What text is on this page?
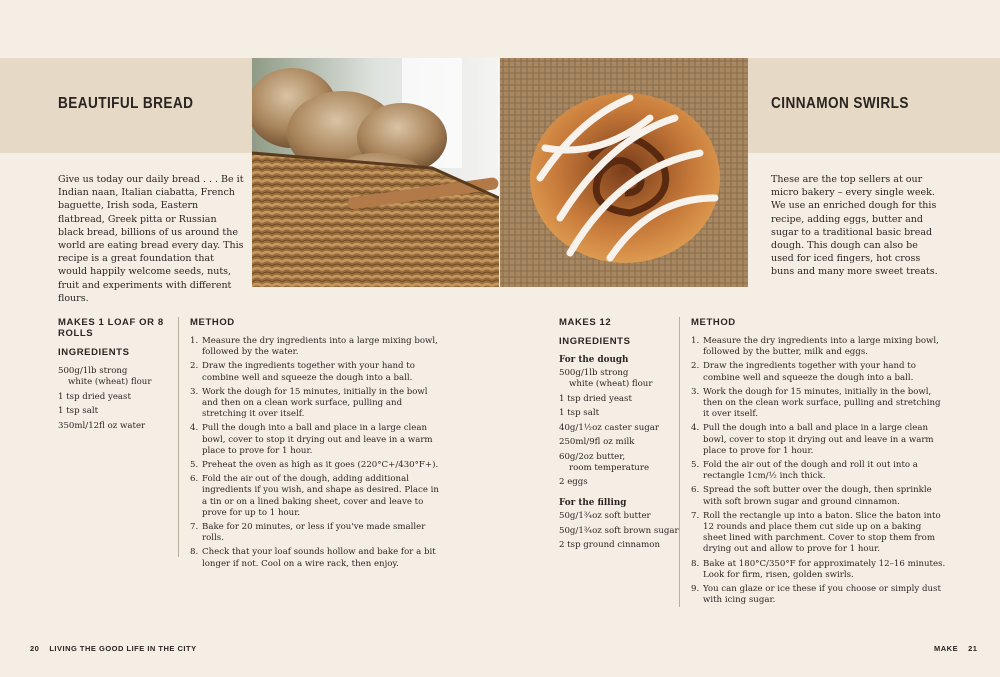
BEAUTIFUL BREAD	CINNAMON SWIRLS

Give us today our daily bread . . . Be it Indian naan, Italian ciabatta, French baguette, Irish soda, Eastern flatbread, Greek pitta or Russian black bread, billions of us around the world are eating bread every day. This recipe is a great foundation that would happily welcome seeds, nuts, fruit and experiments with different flours.

These are the top sellers at our micro bakery – every single week. We use an enriched dough for this recipe, adding eggs, butter and sugar to a traditional basic bread dough. This dough can also be used for iced fingers, hot cross buns and many more sweet treats.

MAKES 1 LOAF OR 8 ROLLS
INGREDIENTS
500g/1lb strong
white (wheat) flour
1 tsp dried yeast
1 tsp salt
350ml/12fl oz water
METHOD
1. Measure the dry ingredients into a large mixing bowl, followed by the water.
2. Draw the ingredients together with your hand to combine well and squeeze the dough into a ball.
3. Work the dough for 15 minutes, initially in the bowl and then on a clean work surface, pulling and stretching it over itself.
4. Pull the dough into a ball and place in a large clean bowl, cover to stop it drying out and leave in a warm place to prove for 1 hour.
5. Preheat the oven as high as it goes (220°C+/430°F+).
6. Fold the air out of the dough, adding additional ingredients if you wish, and shape as desired. Place in a tin or on a lined baking sheet, cover and leave to prove for up to 1 hour.
7. Bake for 20 minutes, or less if you've made smaller rolls.
8. Check that your loaf sounds hollow and bake for a bit longer if not. Cool on a wire rack, then enjoy.
MAKES 12
INGREDIENTS
For the dough
500g/1lb strong
white (wheat) flour
1 tsp dried yeast
1 tsp salt
40g/1½oz caster sugar
250ml/9fl oz milk
60g/2oz butter,
room temperature
2 eggs
For the filling
50g/1¾oz soft butter
50g/1¾oz soft brown sugar
2 tsp ground cinnamon
METHOD
1. Measure the dry ingredients into a large mixing bowl, followed by the butter, milk and eggs.
2. Draw the ingredients together with your hand to combine well and squeeze the dough into a ball.
3. Work the dough for 15 minutes, initially in the bowl, then on the clean work surface, pulling and stretching it over itself.
4. Pull the dough into a ball and place in a large clean bowl, cover to stop it drying out and leave in a warm place to prove for 1 hour.
5. Fold the air out of the dough and roll it out into a rectangle 1cm/½ inch thick.
6. Spread the soft butter over the dough, then sprinkle with soft brown sugar and ground cinnamon.
7. Roll the rectangle up into a baton. Slice the baton into 12 rounds and place them cut side up on a baking sheet lined with parchment. Cover to stop them from drying out and allow to prove for 1 hour.
8. Bake at 180°C/350°F for approximately 12–16 minutes. Look for firm, risen, golden swirls.
9. You can glaze or ice these if you choose or simply dust with icing sugar.
20 LIVING THE GOOD LIFE IN THE CITY	MAKE 21
